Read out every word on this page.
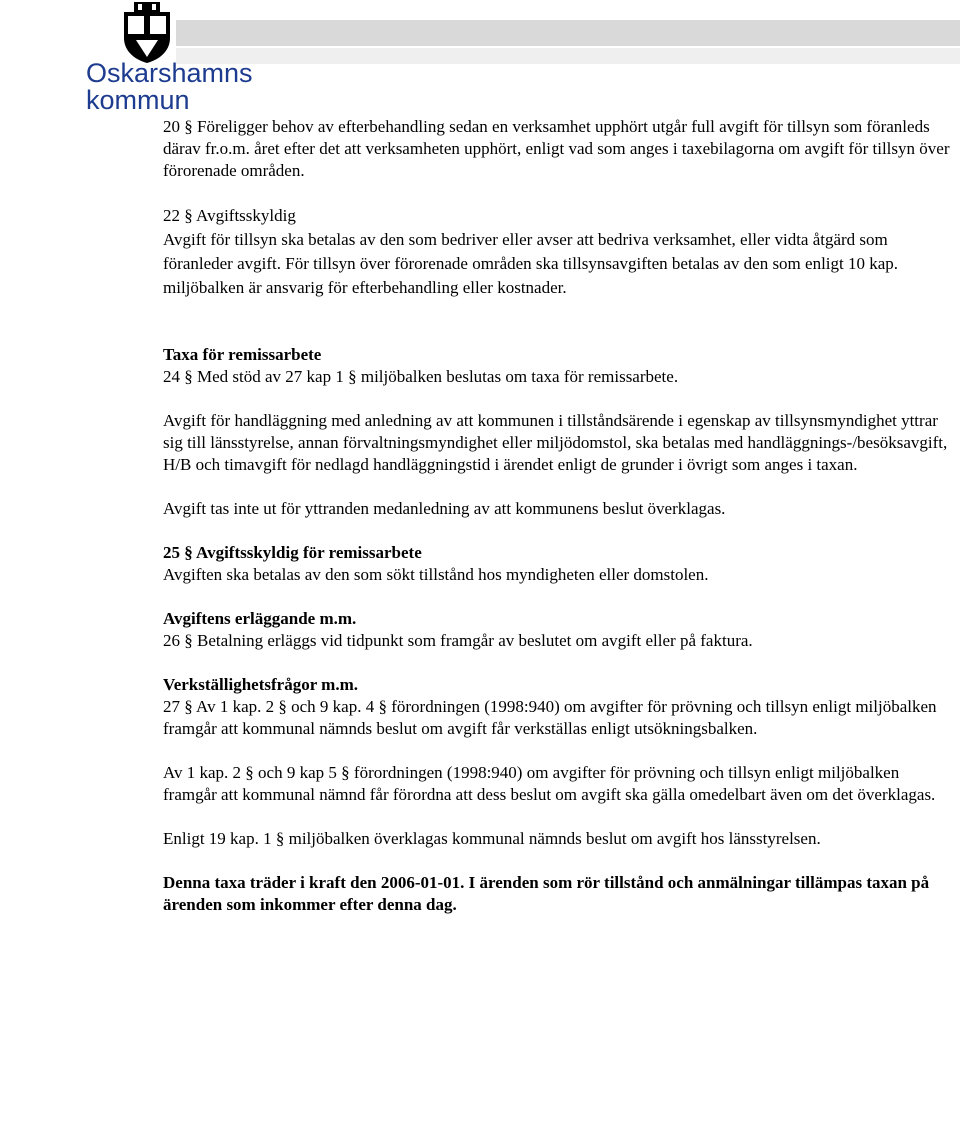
Oskarshamns
kommun

20 § Föreligger behov av efterbehandling sedan en verksamhet upphört utgår full avgift för tillsyn som föranleds därav fr.o.m. året efter det att verksamheten upphört, enligt vad som anges i taxebilagorna om avgift för tillsyn över förorenade områden.

22 § Avgiftsskyldig

Avgift för tillsyn ska betalas av den som bedriver eller avser att bedriva verksamhet, eller vidta åtgärd som föranleder avgift. För tillsyn över förorenade områden ska tillsynsavgiften betalas av den som enligt 10 kap. miljöbalken är ansvarig för efterbehandling eller kostnader.

Taxa för remissarbete

24 § Med stöd av 27 kap 1 § miljöbalken beslutas om taxa för remissarbete.

Avgift för handläggning med anledning av att kommunen i tillståndsärende i egenskap av tillsynsmyndighet yttrar sig till länsstyrelse, annan förvaltningsmyndighet eller miljödomstol, ska betalas med handläggnings-/besöksavgift, H/B och timavgift för nedlagd handläggningstid i ärendet enligt de grunder i övrigt som anges i taxan.

Avgift tas inte ut för yttranden medanledning av att kommunens beslut överklagas.

25 § Avgiftsskyldig för remissarbete

Avgiften ska betalas av den som sökt tillstånd hos myndigheten eller domstolen.

Avgiftens erläggande m.m.

26 § Betalning erläggs vid tidpunkt som framgår av beslutet om avgift eller på faktura.

Verkställighetsfrågor m.m.

27 § Av 1 kap. 2 § och 9 kap. 4 § förordningen (1998:940) om avgifter för prövning och tillsyn enligt miljöbalken framgår att kommunal nämnds beslut om avgift får verkställas enligt utsökningsbalken.

Av 1 kap. 2 § och 9 kap 5 § förordningen (1998:940) om avgifter för prövning och tillsyn enligt miljöbalken framgår att kommunal nämnd får förordna att dess beslut om avgift ska gälla omedelbart även om det överklagas.

Enligt 19 kap. 1 § miljöbalken överklagas kommunal nämnds beslut om avgift hos länsstyrelsen.

Denna taxa träder i kraft den 2006-01-01. I ärenden som rör tillstånd och anmälningar tillämpas taxan på ärenden som inkommer efter denna dag.
